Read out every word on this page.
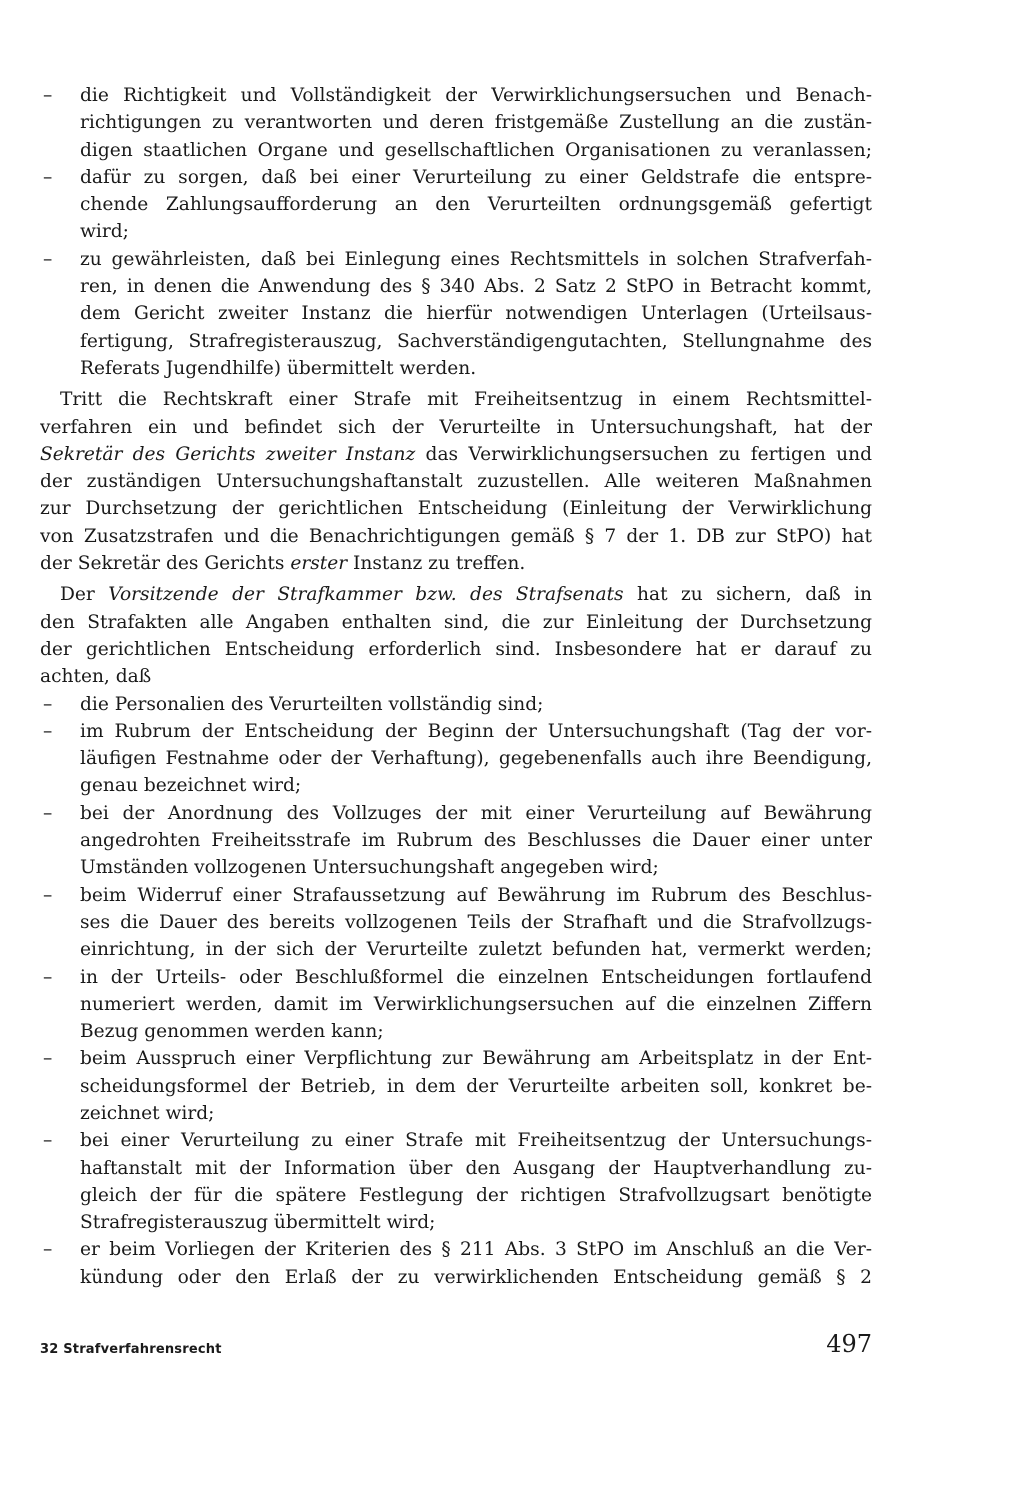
–	die Richtigkeit und Vollständigkeit der Verwirklichungsersuchen und Benach-
richtigungen zu verantworten und deren fristgemäße Zustellung an die zustän-
digen staatlichen Organe und gesellschaftlichen Organisationen zu veranlassen;
–	dafür zu sorgen, daß bei einer Verurteilung zu einer Geldstrafe die entspre-
chende Zahlungsaufforderung an den Verurteilten ordnungsgemäß gefertigt
wird;
–	zu gewährleisten, daß bei Einlegung eines Rechtsmittels in solchen Strafverfah-
ren, in denen die Anwendung des § 340 Abs. 2 Satz 2 StPO in Betracht kommt,
dem Gericht zweiter Instanz die hierfür notwendigen Unterlagen (Urteilsaus-
fertigung, Strafregisterauszug, Sachverständigengutachten, Stellungnahme des
Referats Jugendhilfe) übermittelt werden.
Tritt die Rechtskraft einer Strafe mit Freiheitsentzug in einem Rechtsmittel-
verfahren ein und befindet sich der Verurteilte in Untersuchungshaft, hat der
Sekretär des Gerichts zweiter Instanz das Verwirklichungsersuchen zu fertigen und
der zuständigen Untersuchungshaftanstalt zuzustellen. Alle weiteren Maßnahmen
zur Durchsetzung der gerichtlichen Entscheidung (Einleitung der Verwirklichung
von Zusatzstrafen und die Benachrichtigungen gemäß § 7 der 1. DB zur StPO) hat
der Sekretär des Gerichts erster Instanz zu treffen.
Der Vorsitzende der Strafkammer bzw. des Strafsenats hat zu sichern, daß in
den Strafakten alle Angaben enthalten sind, die zur Einleitung der Durchsetzung
der gerichtlichen Entscheidung erforderlich sind. Insbesondere hat er darauf zu
achten, daß
–	die Personalien des Verurteilten vollständig sind;
–	im Rubrum der Entscheidung der Beginn der Untersuchungshaft (Tag der vor-
läufigen Festnahme oder der Verhaftung), gegebenenfalls auch ihre Beendigung,
genau bezeichnet wird;
–	bei der Anordnung des Vollzuges der mit einer Verurteilung auf Bewährung
angedrohten Freiheitsstrafe im Rubrum des Beschlusses die Dauer einer unter
Umständen vollzogenen Untersuchungshaft angegeben wird;
–	beim Widerruf einer Strafaussetzung auf Bewährung im Rubrum des Beschlus-
ses die Dauer des bereits vollzogenen Teils der Strafhaft und die Strafvollzugs-
einrichtung, in der sich der Verurteilte zuletzt befunden hat, vermerkt werden;
–	in der Urteils- oder Beschlußformel die einzelnen Entscheidungen fortlaufend
numeriert werden, damit im Verwirklichungsersuchen auf die einzelnen Ziffern
Bezug genommen werden kann;
–	beim Ausspruch einer Verpflichtung zur Bewährung am Arbeitsplatz in der Ent-
scheidungsformel der Betrieb, in dem der Verurteilte arbeiten soll, konkret be-
zeichnet wird;
–	bei einer Verurteilung zu einer Strafe mit Freiheitsentzug der Untersuchungs-
haftanstalt mit der Information über den Ausgang der Hauptverhandlung zu-
gleich der für die spätere Festlegung der richtigen Strafvollzugsart benötigte
Strafregisterauszug übermittelt wird;
–	er beim Vorliegen der Kriterien des § 211 Abs. 3 StPO im Anschluß an die Ver-
kündung oder den Erlaß der zu verwirklichenden Entscheidung gemäß § 2
32 Strafverfahrensrecht	497
